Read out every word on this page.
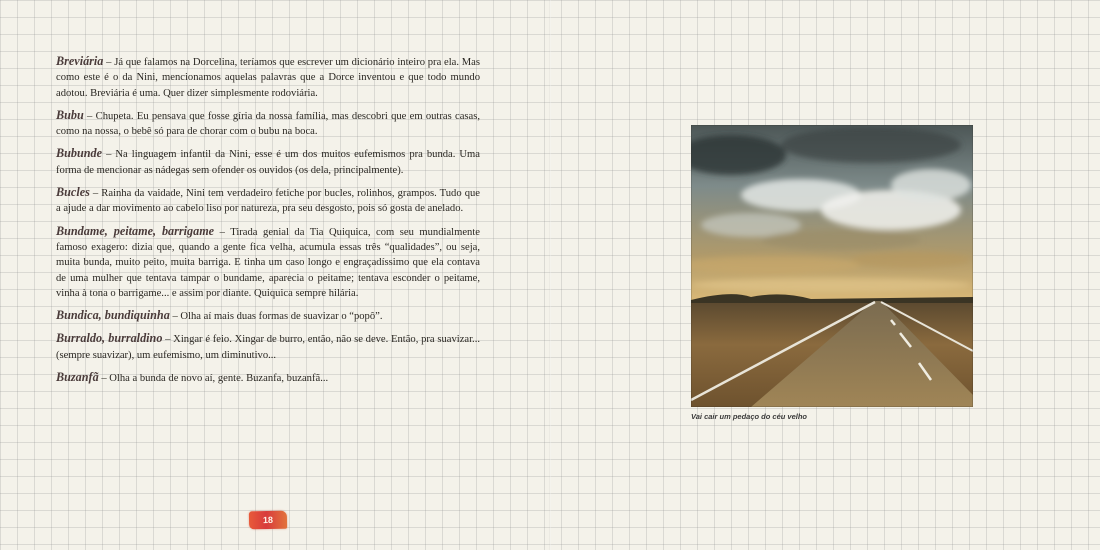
Breviária – Já que falamos na Dorcelina, teríamos que escrever um dicionário inteiro pra ela. Mas como este é o da Nini, mencionamos aquelas palavras que a Dorce inventou e que todo mundo adotou. Breviária é uma. Quer dizer simplesmente rodoviária.

Bubu – Chupeta. Eu pensava que fosse gíria da nossa família, mas descobri que em outras casas, como na nossa, o bebê só para de chorar com o bubu na boca.

Bubunde – Na linguagem infantil da Nini, esse é um dos muitos eufemismos pra bunda. Uma forma de mencionar as nádegas sem ofender os ouvidos (os dela, principalmente).

Bucles – Rainha da vaidade, Nini tem verdadeiro fetiche por bucles, rolinhos, grampos. Tudo que a ajude a dar movimento ao cabelo liso por natureza, pra seu desgosto, pois só gosta de anelado.

Bundame, peitame, barrigame – Tirada genial da Tia Quiquica, com seu mundialmente famoso exagero: dizia que, quando a gente fica velha, acumula essas três “qualidades”, ou seja, muita bunda, muito peito, muita barriga. E tinha um caso longo e engraçadíssimo que ela contava de uma mulher que tentava tampar o bundame, aparecia o peitame; tentava esconder o peitame, vinha à tona o barrigame... e assim por diante. Quiquica sempre hilária.

Bundica, bundiquinha – Olha aí mais duas formas de suavizar o “popô”.

Burraldo, burraldino – Xingar é feio. Xingar de burro, então, não se deve. Então, pra suavizar... (sempre suavizar), um eufemismo, um diminutivo...

Buzanfã – Olha a bunda de novo aí, gente. Buzanfa, buzanfã...

18
Vai cair um pedaço do céu velho
